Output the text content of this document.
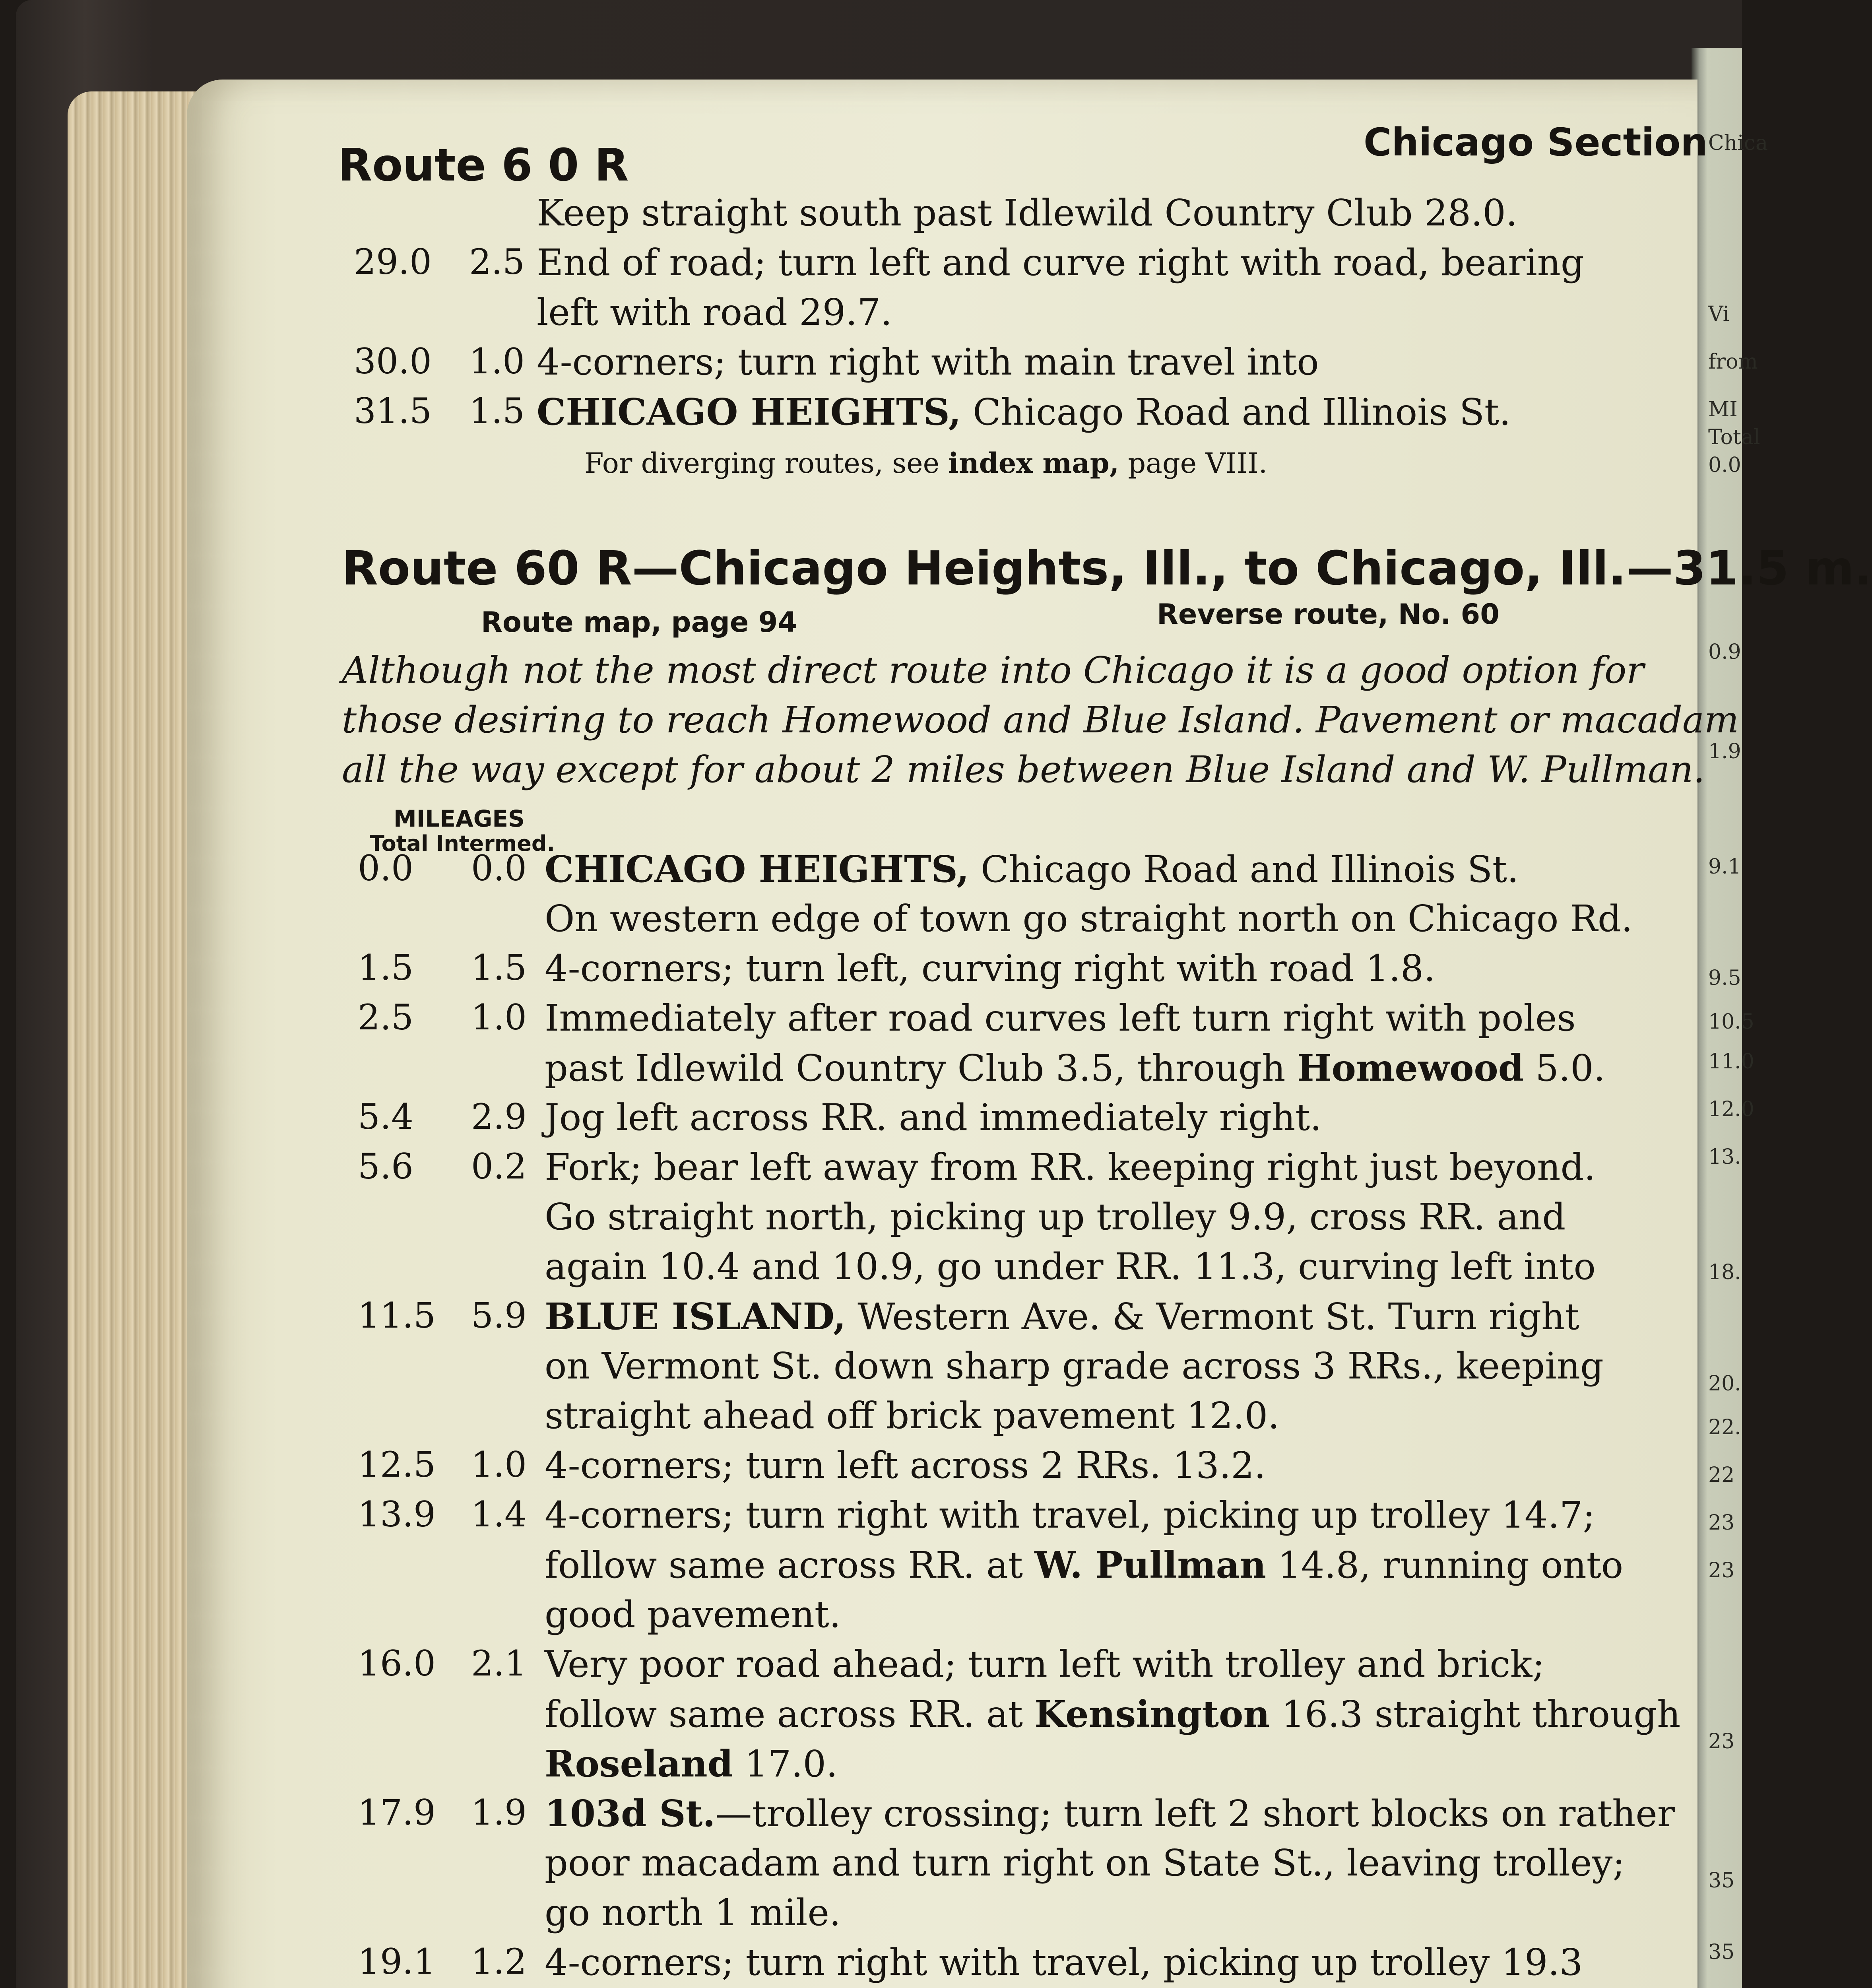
Chica
Vi
from
MI
Total
0.0
0.9
1.9
9.1
9.5
10.5
11.0
12.0
13.
18.
20.
22.
22
23
23
23
35
35
Route 6 0 R	Chicago Section
Keep straight south past Idlewild Country Club 28.0.
29.0 2.5 End of road; turn left and curve right with road, bearing
left with road 29.7.
30.0 1.0 4-corners; turn right with main travel into
31.5 1.5 CHICAGO HEIGHTS, Chicago Road and Illinois St.
For diverging routes, see index map, page VIII.
Route 60 R—Chicago Heights, Ill., to Chicago, Ill.—31.5 m.
Route map, page 94	Reverse route, No. 60
Although not the most direct route into Chicago it is a good option for
those desiring to reach Homewood and Blue Island. Pavement or macadam
all the way except for about 2 miles between Blue Island and W. Pullman.
MILEAGES
Total Intermed.
0.0 0.0 CHICAGO HEIGHTS, Chicago Road and Illinois St.
On western edge of town go straight north on Chicago Rd.
1.5 1.5 4-corners; turn left, curving right with road 1.8.
2.5 1.0 Immediately after road curves left turn right with poles
past Idlewild Country Club 3.5, through Homewood 5.0.
5.4 2.9 Jog left across RR. and immediately right.
5.6 0.2 Fork; bear left away from RR. keeping right just beyond.
Go straight north, picking up trolley 9.9, cross RR. and
again 10.4 and 10.9, go under RR. 11.3, curving left into
11.5 5.9 BLUE ISLAND, Western Ave. & Vermont St. Turn right
on Vermont St. down sharp grade across 3 RRs., keeping
straight ahead off brick pavement 12.0.
12.5 1.0 4-corners; turn left across 2 RRs. 13.2.
13.9 1.4 4-corners; turn right with travel, picking up trolley 14.7;
follow same across RR. at W. Pullman 14.8, running onto
good pavement.
16.0 2.1 Very poor road ahead; turn left with trolley and brick;
follow same across RR. at Kensington 16.3 straight through
Roseland 17.0.
17.9 1.9 103d St.—trolley crossing; turn left 2 short blocks on rather
poor macadam and turn right on State St., leaving trolley;
go north 1 mile.
19.1 1.2 4-corners; turn right with travel, picking up trolley 19.3
